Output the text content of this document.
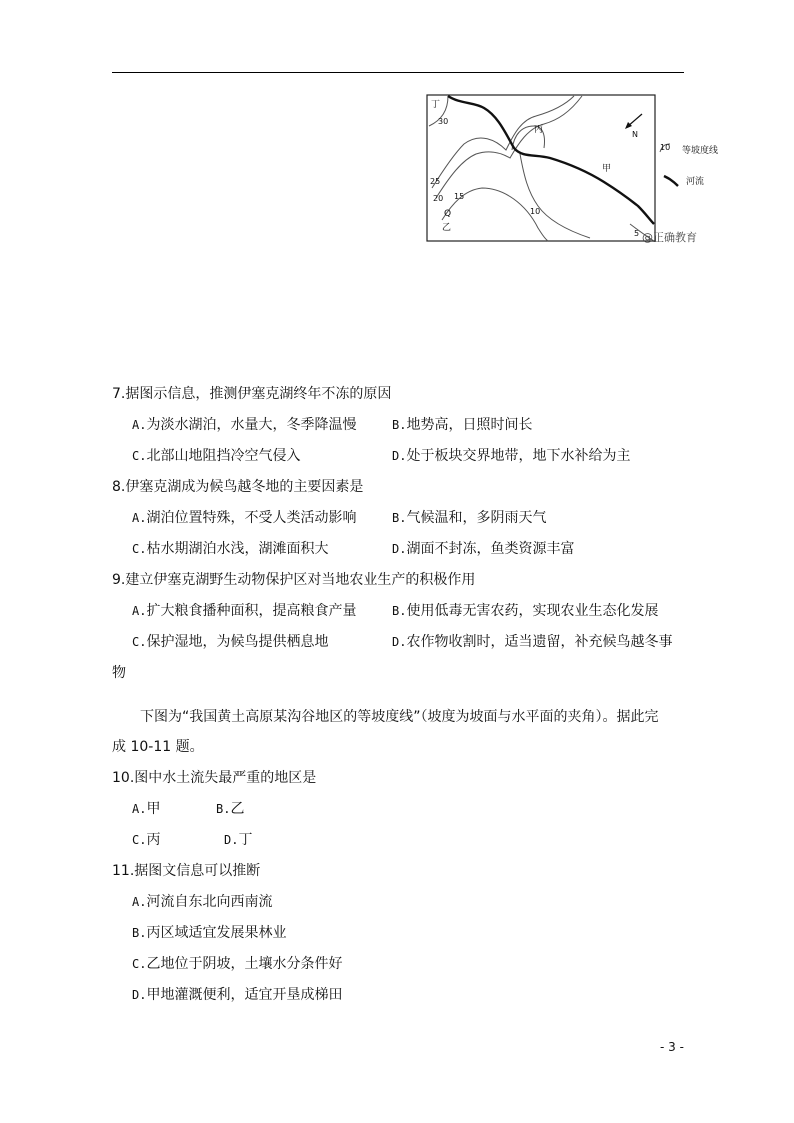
N
丁
丙
甲
Q
乙
30
25
20 15
10
5
10 等坡度线
河流
@正确教育
7.据图示信息，推测伊塞克湖终年不冻的原因
A.为淡水湖泊，水量大，冬季降温慢	B.地势高，日照时间长
C.北部山地阻挡冷空气侵入	D.处于板块交界地带，地下水补给为主
8.伊塞克湖成为候鸟越冬地的主要因素是
A.湖泊位置特殊，不受人类活动影响	B.气候温和，多阴雨天气
C.枯水期湖泊水浅，湖滩面积大	D.湖面不封冻，鱼类资源丰富
9.建立伊塞克湖野生动物保护区对当地农业生产的积极作用
A.扩大粮食播种面积，提高粮食产量	B.使用低毒无害农药，实现农业生态化发展
C.保护湿地，为候鸟提供栖息地	D.农作物收割时，适当遗留，补充候鸟越冬事
物
下图为“我国黄土高原某沟谷地区的等坡度线”（坡度为坡面与水平面的夹角）。据此完
成 10-11 题。
10.图中水土流失最严重的地区是
A.甲	B.乙
C.丙	D.丁
11.据图文信息可以推断
A.河流自东北向西南流
B.丙区域适宜发展果林业
C.乙地位于阴坡，土壤水分条件好
D.甲地灌溉便利，适宜开垦成梯田
- 3 -
